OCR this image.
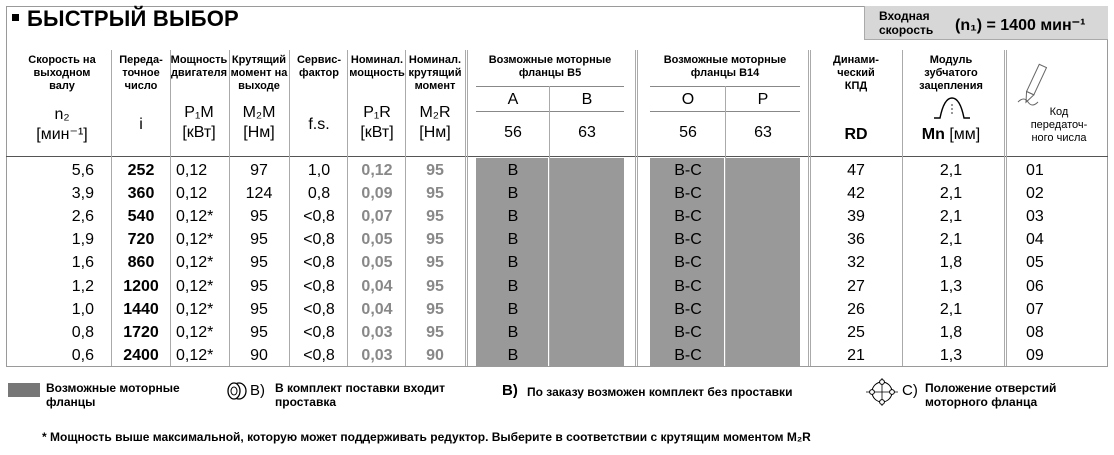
БЫСТРЫЙ ВЫБОР	Входная
скорость (n₁) = 1400 мин⁻¹
Скорость на
выходном
валу
n₂
[мин⁻¹]
Переда-
точное
число
i
Мощность
двигателя
P₁M
[кВт]
Крутящий
момент на
выходе
M₂M
[Нм]
Сервис-
фактор
f.s.
Номинал.
мощность
P₁R
[кВт]
Номинал.
крутящий
момент
M₂R
[Нм]
Возможные моторные
фланцы B5
A	B
56	63
Возможные моторные
фланцы B14
O	P
56	63
Динами-
ческий
КПД
RD
Модуль
зубчатого
зацепления
Mn [мм]
Код
передаточ-
ного числа
5,6	252	0,12	97	1,0	0,12	95	B	B-C	47	2,1	01
3,9	360	0,12	124	0,8	0,09	95	B	B-C	42	2,1	02
2,6	540	0,12*	95	<0,8	0,07	95	B	B-C	39	2,1	03
1,9	720	0,12*	95	<0,8	0,05	95	B	B-C	36	2,1	04
1,6	860	0,12*	95	<0,8	0,05	95	B	B-C	32	1,8	05
1,2	1200	0,12*	95	<0,8	0,04	95	B	B-C	27	1,3	06
1,0	1440	0,12*	95	<0,8	0,04	95	B	B-C	26	2,1	07
0,8	1720	0,12*	95	<0,8	0,03	95	B	B-C	25	1,8	08
0,6	2400	0,12*	90	<0,8	0,03	90	B	B-C	21	1,3	09
Возможные моторные
фланцы
B) В комплект поставки входит
проставка
B) По заказу возможен комплект без проставки	C) Положение отверстий
моторного фланца
* Мощность выше максимальной, которую может поддерживать редуктор. Выберите в соответствии с крутящим моментом M₂R
